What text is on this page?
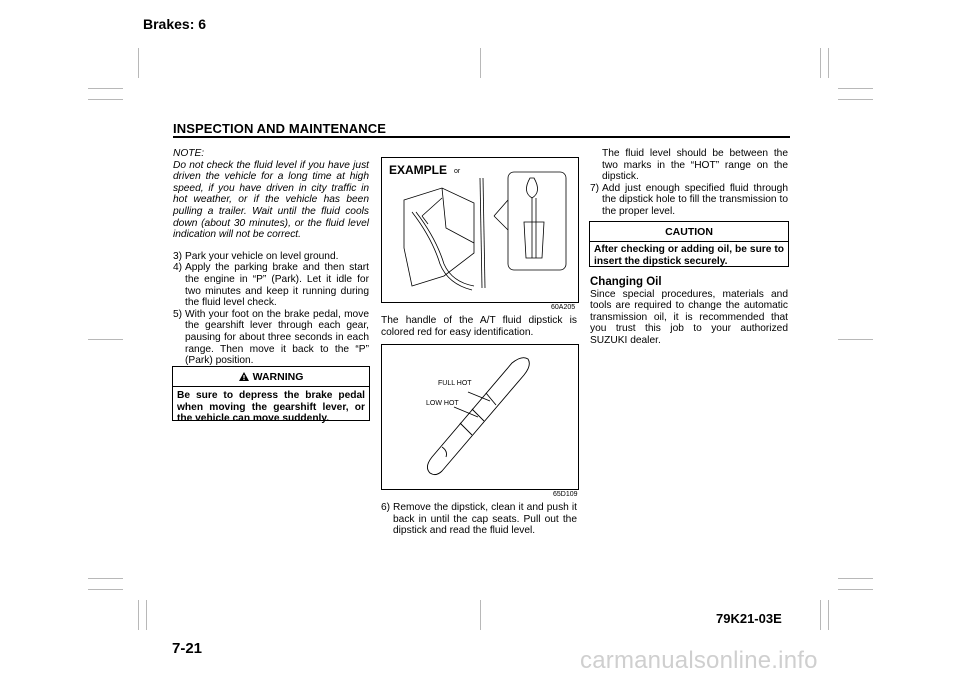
Brakes: 6
INSPECTION AND MAINTENANCE

NOTE:
Do not check the fluid level if you have just driven the vehicle for a long time at high speed, if you have driven in city traffic in hot weather, or if the vehicle has been pulling a trailer. Wait until the fluid cools down (about 30 minutes), or the fluid level indication will not be correct.

3) Park your vehicle on level ground.
4) Apply the parking brake and then start the engine in “P” (Park). Let it idle for two minutes and keep it running during the fluid level check.
5) With your foot on the brake pedal, move the gearshift lever through each gear, pausing for about three seconds in each range. Then move it back to the “P” (Park) position.
WARNING
Be sure to depress the brake pedal when moving the gearshift lever, or the vehicle can move suddenly.
EXAMPLE or
60A205
The handle of the A/T fluid dipstick is colored red for easy identification.
FULL HOT
LOW HOT
65D109
6) Remove the dipstick, clean it and push it back in until the cap seats. Pull out the dipstick and read the fluid level.
The fluid level should be between the two marks in the “HOT” range on the dipstick.
7) Add just enough specified fluid through the dipstick hole to fill the transmission to the proper level.
CAUTION
After checking or adding oil, be sure to insert the dipstick securely.
Changing Oil
Since special procedures, materials and tools are required to change the automatic transmission oil, it is recommended that you trust this job to your authorized SUZUKI dealer.
79K21-03E
7-21	carmanualsonline.info
